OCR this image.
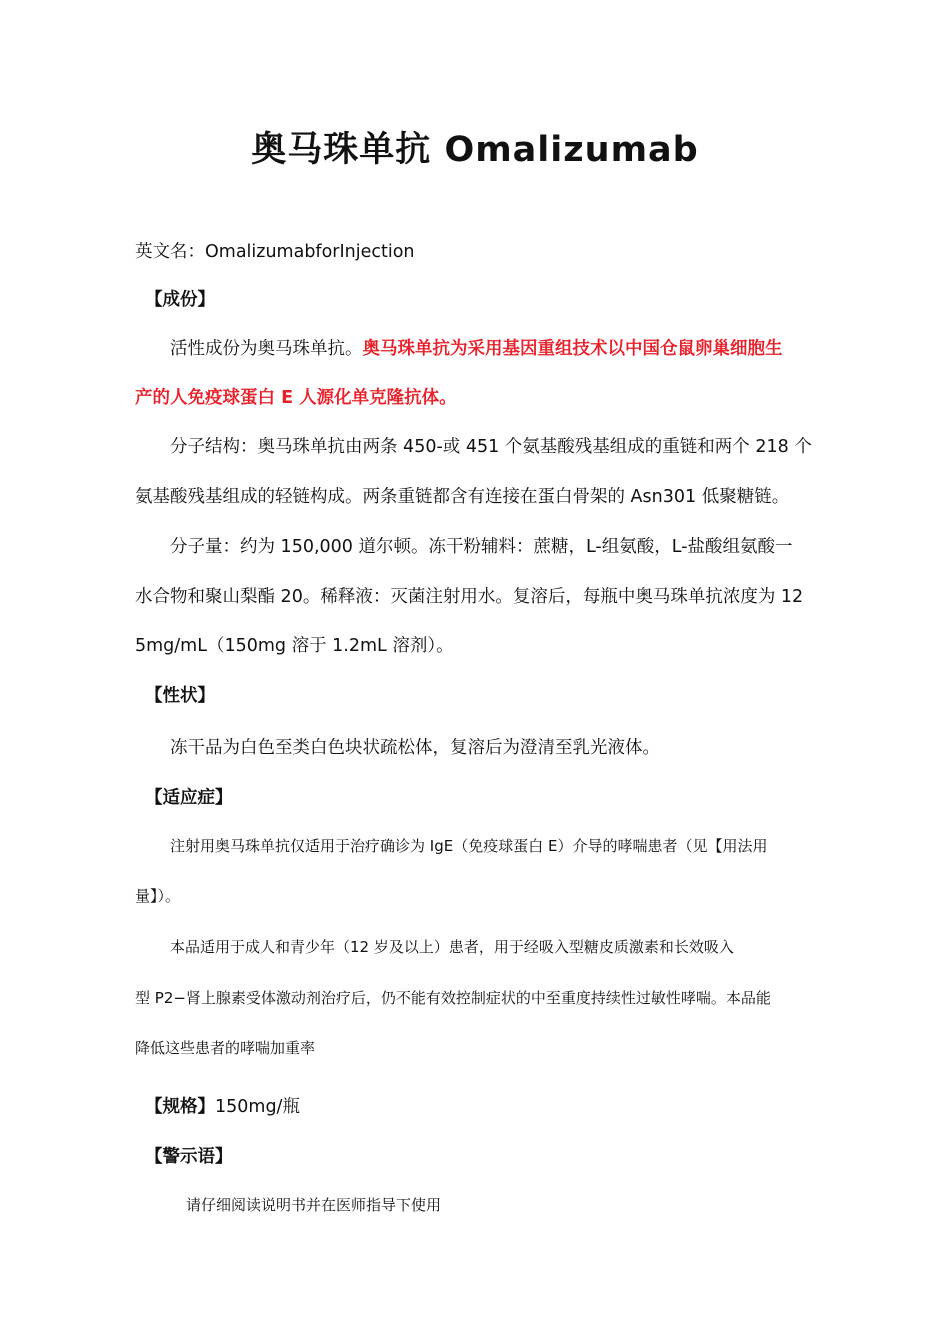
奥马珠单抗 Omalizumab
英文名：OmalizumabforInjection
【成份】
活性成份为奥马珠单抗。奥马珠单抗为采用基因重组技术以中国仓鼠卵巢细胞生
产的人免疫球蛋白 E 人源化单克隆抗体。
分子结构：奥马珠单抗由两条 450-或 451 个氨基酸残基组成的重链和两个 218 个
氨基酸残基组成的轻链构成。两条重链都含有连接在蛋白骨架的 Asn301 低聚糖链。
分子量：约为 150,000 道尔顿。冻干粉辅料：蔗糖，L-组氨酸，L-盐酸组氨酸一
水合物和聚山梨酯 20。稀释液：灭菌注射用水。复溶后，每瓶中奥马珠单抗浓度为 12
5mg/mL（150mg 溶于 1.2mL 溶剂）。
【性状】
冻干品为白色至类白色块状疏松体，复溶后为澄清至乳光液体。
【适应症】
注射用奥马珠单抗仅适用于治疗确诊为 IgE（免疫球蛋白 E）介导的哮喘患者（见【用法用
量】）。
本品适用于成人和青少年（12 岁及以上）患者，用于经吸入型糖皮质激素和长效吸入
型 P2−肾上腺素受体激动剂治疗后，仍不能有效控制症状的中至重度持续性过敏性哮喘。本品能
降低这些患者的哮喘加重率
【规格】150mg/瓶
【警示语】
请仔细阅读说明书并在医师指导下使用
